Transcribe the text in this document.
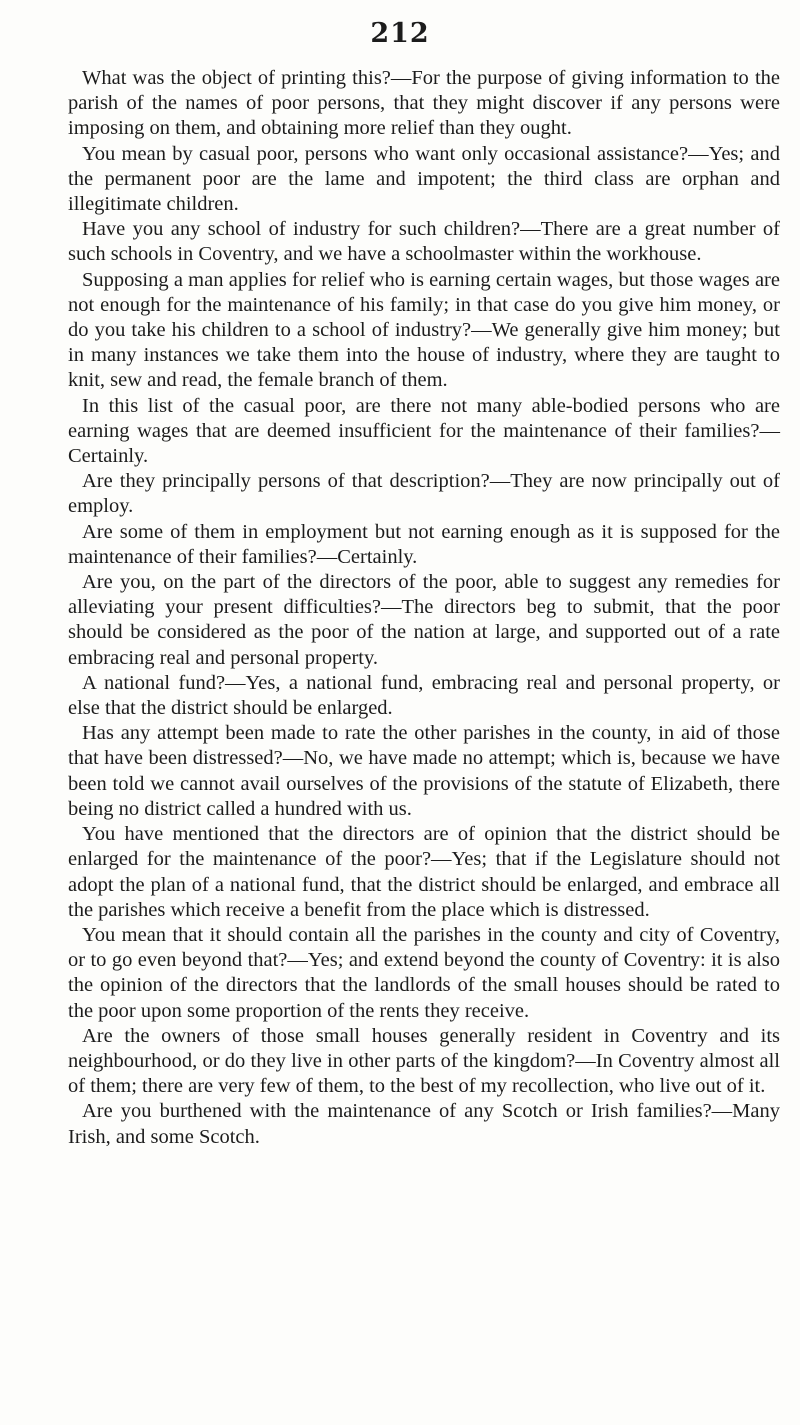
212

What was the object of printing this?—For the purpose of giving information to the parish of the names of poor persons, that they might discover if any persons were imposing on them, and obtaining more relief than they ought.

You mean by casual poor, persons who want only occasional assistance?—Yes; and the permanent poor are the lame and impotent; the third class are orphan and illegitimate children.

Have you any school of industry for such children?—There are a great number of such schools in Coventry, and we have a schoolmaster within the workhouse.

Supposing a man applies for relief who is earning certain wages, but those wages are not enough for the maintenance of his family; in that case do you give him money, or do you take his children to a school of industry?—We generally give him money; but in many instances we take them into the house of industry, where they are taught to knit, sew and read, the female branch of them.

In this list of the casual poor, are there not many able-bodied persons who are earning wages that are deemed insufficient for the maintenance of their families?—Certainly.

Are they principally persons of that description?—They are now principally out of employ.

Are some of them in employment but not earning enough as it is supposed for the maintenance of their families?—Certainly.

Are you, on the part of the directors of the poor, able to suggest any remedies for alleviating your present difficulties?—The directors beg to submit, that the poor should be considered as the poor of the nation at large, and supported out of a rate embracing real and personal property.

A national fund?—Yes, a national fund, embracing real and personal property, or else that the district should be enlarged.

Has any attempt been made to rate the other parishes in the county, in aid of those that have been distressed?—No, we have made no attempt; which is, because we have been told we cannot avail ourselves of the provisions of the statute of Elizabeth, there being no district called a hundred with us.

You have mentioned that the directors are of opinion that the district should be enlarged for the maintenance of the poor?—Yes; that if the Legislature should not adopt the plan of a national fund, that the district should be enlarged, and embrace all the parishes which receive a benefit from the place which is distressed.

You mean that it should contain all the parishes in the county and city of Coventry, or to go even beyond that?—Yes; and extend beyond the county of Coventry: it is also the opinion of the directors that the landlords of the small houses should be rated to the poor upon some proportion of the rents they receive.

Are the owners of those small houses generally resident in Coventry and its neighbourhood, or do they live in other parts of the kingdom?—In Coventry almost all of them; there are very few of them, to the best of my recollection, who live out of it.

Are you burthened with the maintenance of any Scotch or Irish families?—Many Irish, and some Scotch.
